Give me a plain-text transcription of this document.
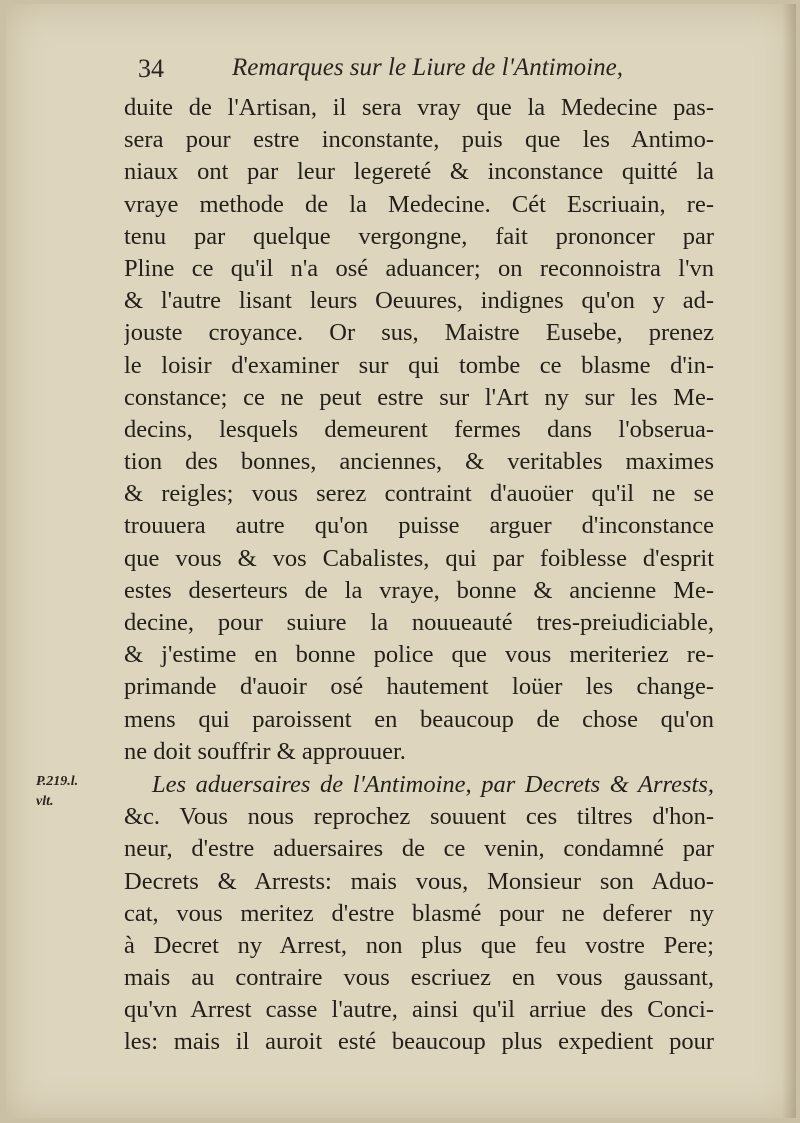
34	Remarques sur le Liure de l'Antimoine,
P.219.l.
vlt.
duite de l'Artisan, il sera vray que la Medecine pas-
sera pour estre inconstante, puis que les Antimo-
niaux ont par leur legereté & inconstance quitté la
vraye methode de la Medecine. Cét Escriuain, re-
tenu par quelque vergongne, fait prononcer par
Pline ce qu'il n'a osé aduancer; on reconnoistra l'vn
& l'autre lisant leurs Oeuures, indignes qu'on y ad-
jouste croyance. Or sus, Maistre Eusebe, prenez
le loisir d'examiner sur qui tombe ce blasme d'in-
constance; ce ne peut estre sur l'Art ny sur les Me-
decins, lesquels demeurent fermes dans l'obserua-
tion des bonnes, anciennes, & veritables maximes
& reigles; vous serez contraint d'auoüer qu'il ne se
trouuera autre qu'on puisse arguer d'inconstance
que vous & vos Cabalistes, qui par foiblesse d'esprit
estes deserteurs de la vraye, bonne & ancienne Me-
decine, pour suiure la nouueauté tres-preiudiciable,
& j'estime en bonne police que vous meriteriez re-
primande d'auoir osé hautement loüer les change-
mens qui paroissent en beaucoup de chose qu'on
ne doit souffrir & approuuer.
Les aduersaires de l'Antimoine, par Decrets & Arrests,
&c. Vous nous reprochez souuent ces tiltres d'hon-
neur, d'estre aduersaires de ce venin, condamné par
Decrets & Arrests: mais vous, Monsieur son Aduo-
cat, vous meritez d'estre blasmé pour ne deferer ny
à Decret ny Arrest, non plus que feu vostre Pere;
mais au contraire vous escriuez en vous gaussant,
qu'vn Arrest casse l'autre, ainsi qu'il arriue des Conci-
les: mais il auroit esté beaucoup plus expedient pour
